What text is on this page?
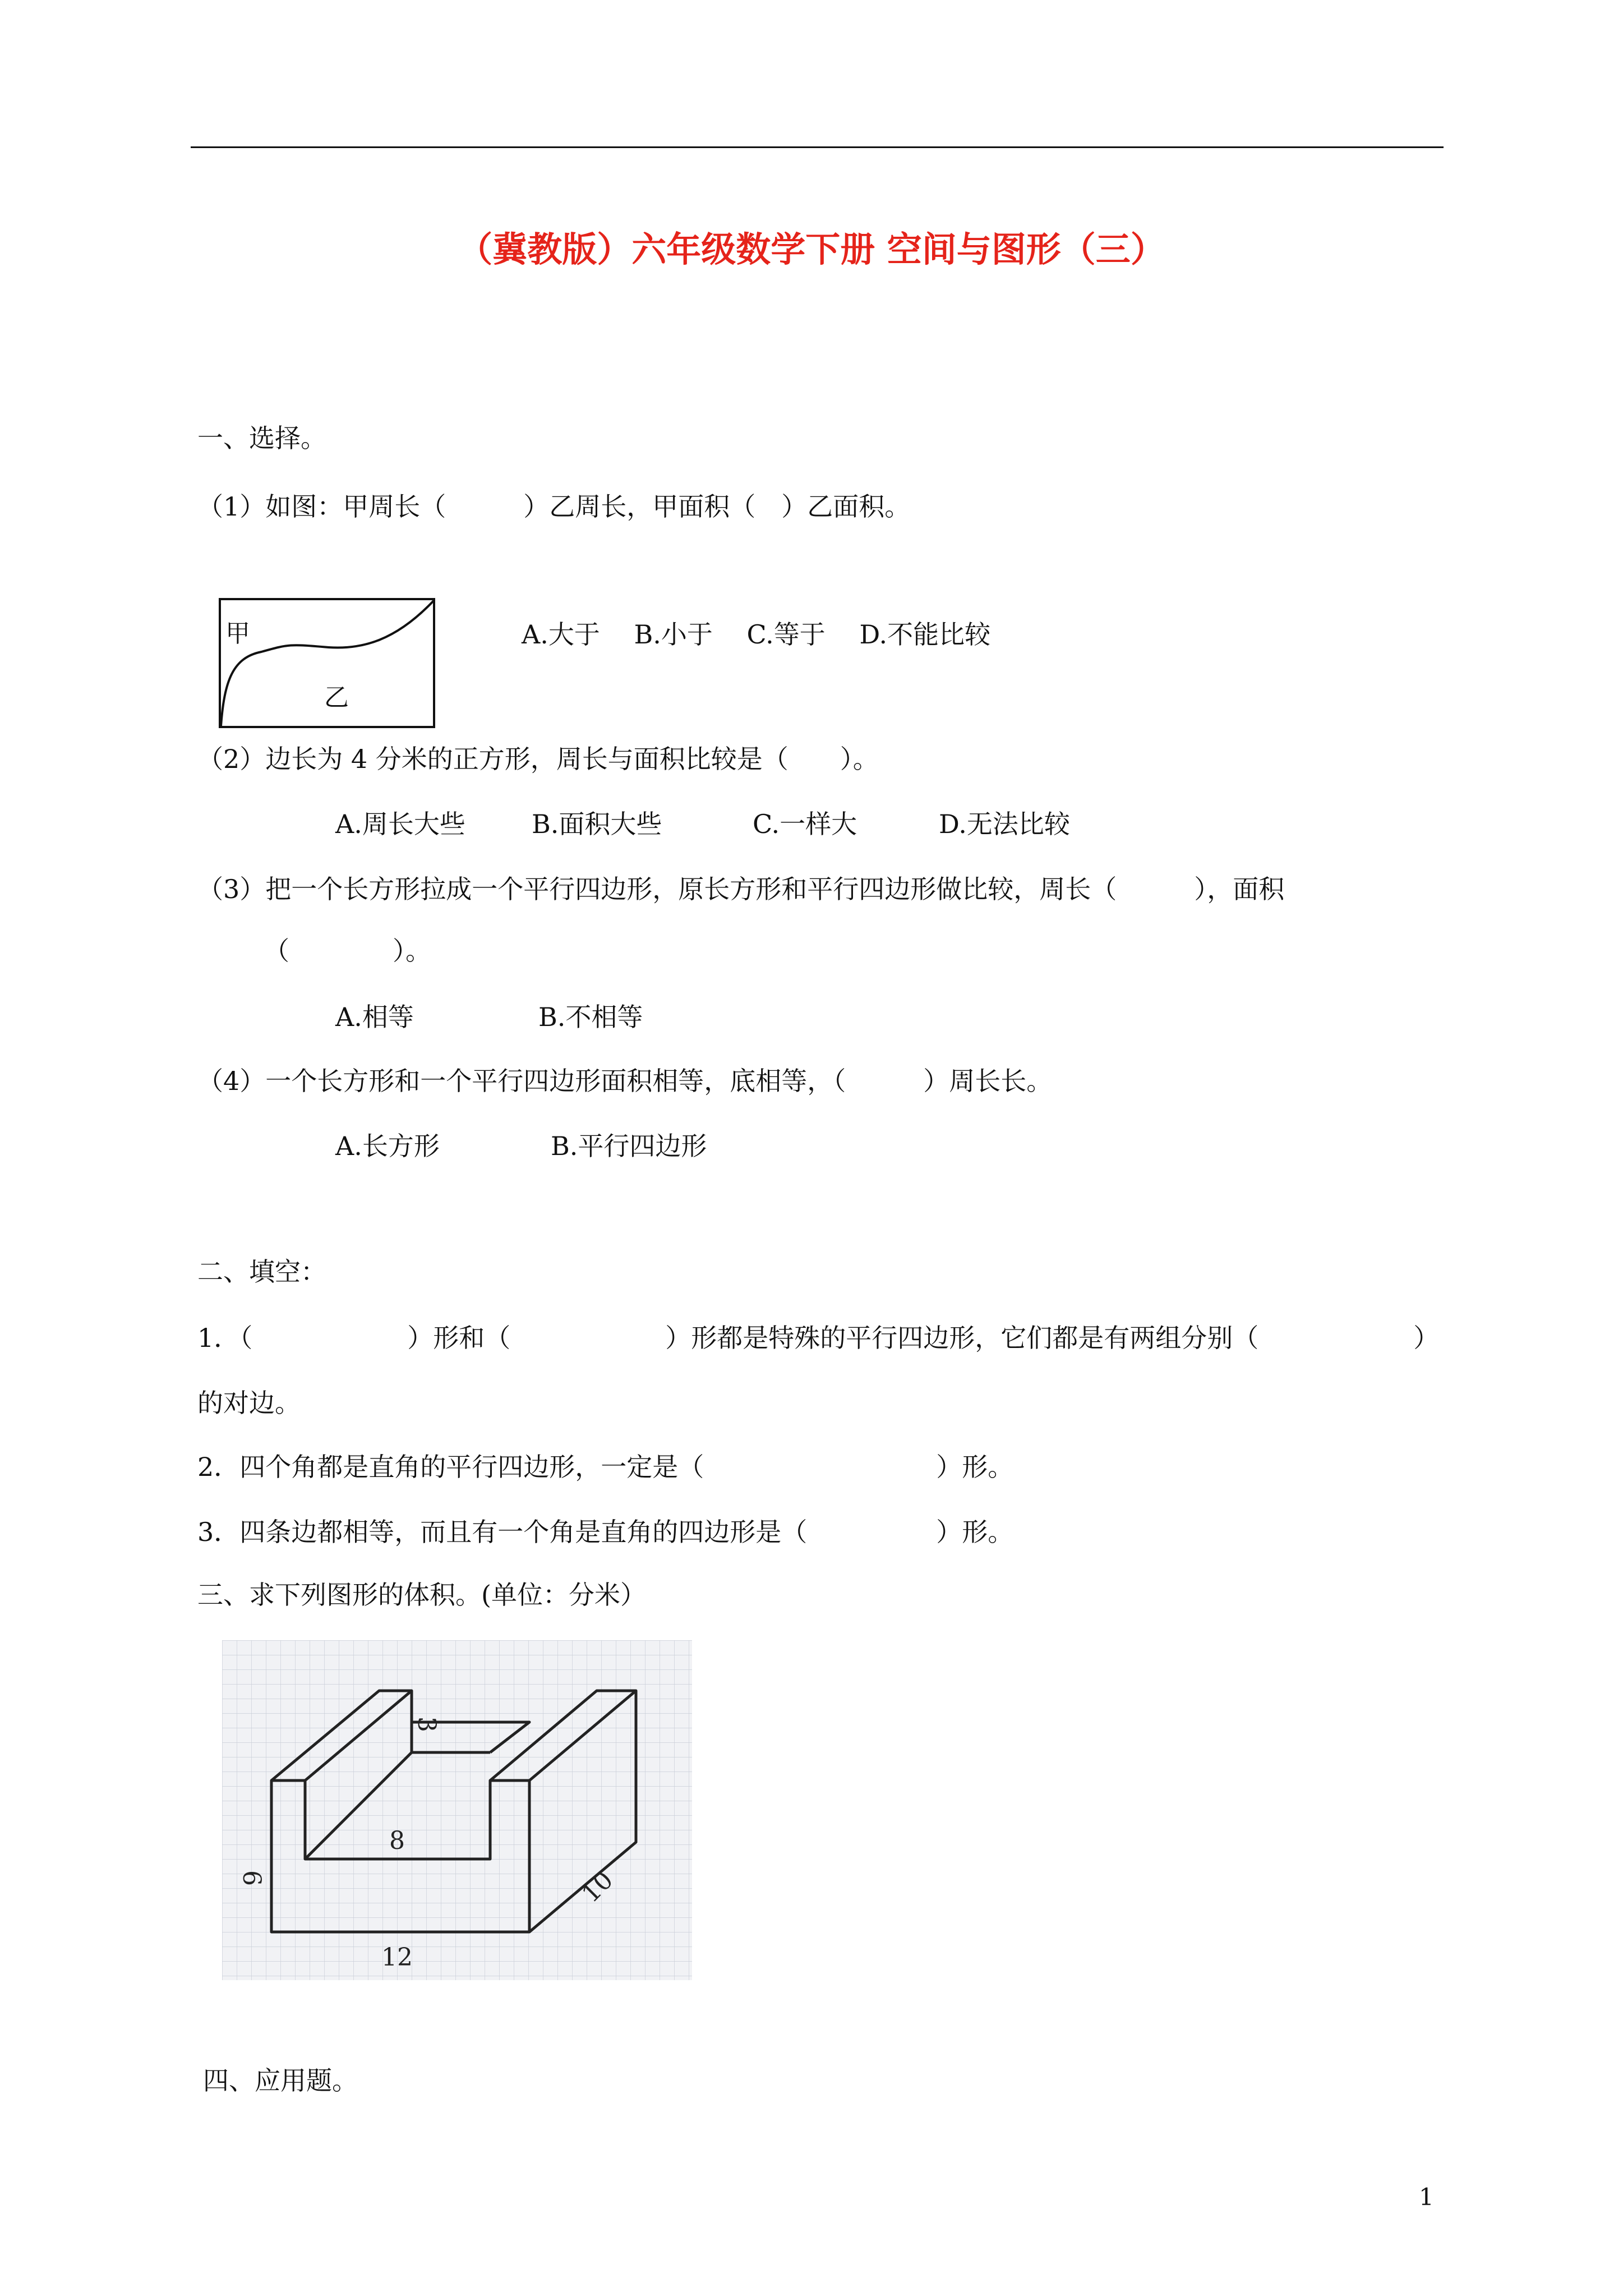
（冀教版）六年级数学下册 空间与图形（三）
一、选择。
（1）如图：甲周长（　　　）乙周长，甲面积（　）乙面积。
甲
乙
A.大于　 B.小于　 C.等于　 D.不能比较
（2）边长为 4 分米的正方形，周长与面积比较是（　　）。
A.周长大些	B.面积大些	C.一样大	D.无法比较
（3）把一个长方形拉成一个平行四边形，原长方形和平行四边形做比较，周长（　　　），面积
（　　　　）。
A.相等	B.不相等
（4）一个长方形和一个平行四边形面积相等，底相等，（　　　）周长长。
A.长方形	B.平行四边形
二、填空：
1．（　　　　　　）形和（　　　　　　）形都是特殊的平行四边形，它们都是有两组分别（　　　　　　）
的对边。
2．四个角都是直角的平行四边形，一定是（　　　　　　　　　）形。
3．四条边都相等，而且有一个角是直角的四边形是（　　　　　）形。
三、求下列图形的体积。(单位：分米）
3
8
6	10
12
四、应用题。
1
